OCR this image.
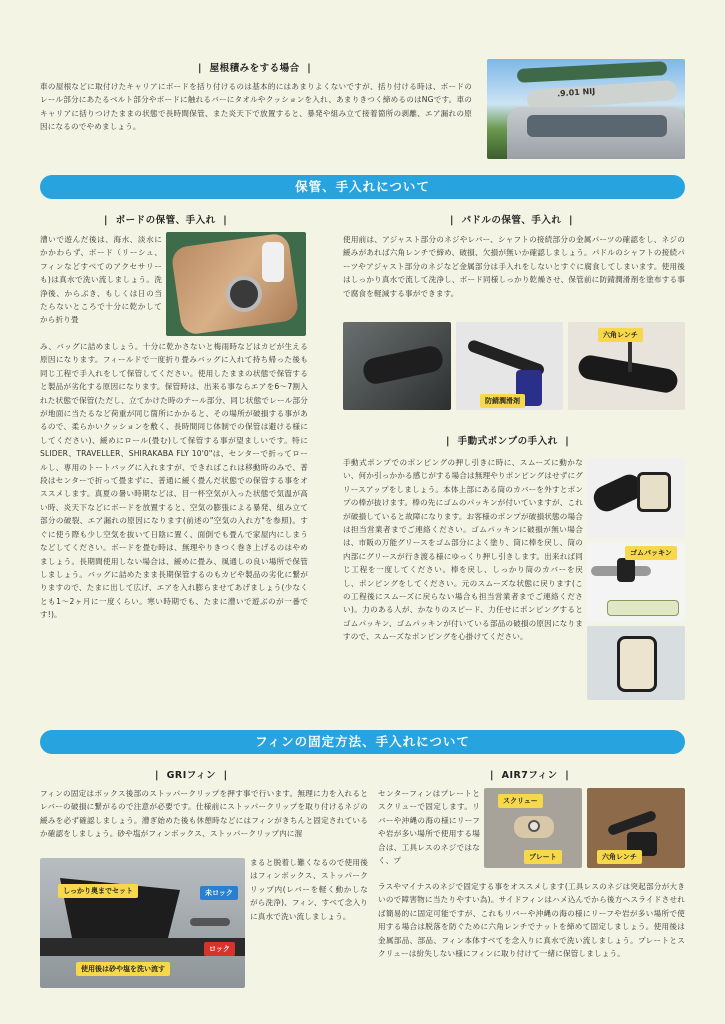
|  屋根積みをする場合  |
車の屋根などに取付けたキャリアにボードを括り付けるのは基本的にはあまりよくないですが、括り付ける時は、ボードのレール部分にあたるベルト部分やボードに触れるバーにタオルやクッションを入れ、あまりきつく締めるのはNGです。車のキャリアに括りつけたままの状態で長時間保管、また炎天下で放置すると、暴発や組み立て接着箇所の剥離、エア漏れの原因になるのでやめましょう。
.9.01 NIJ
保管、手入れについて
|  ボードの保管、手入れ  |
漕いで遊んだ後は、海水、淡水にかかわらず、ボード（リーシュ、フィンなどすべてのアクセサリー も)は真水で洗い流しましょう。洗浄後、からぶき、もしくは日の当たらないところで十分に乾かしてから折り畳
み、バッグに詰めましょう。十分に乾かさないと梅雨時などはカビが生える原因になります。フィールドで一度折り畳みバッグに入れて持ち帰った後も同じ工程で手入れをして保管してください。使用したままの状態で保管すると製品が劣化する原因になります。保管時は、出来る事ならエアを6〜7割入れた状態で保管(ただし、立てかけた時のテール部分、同じ状態でレール部分が地面に当たるなど荷重が同じ箇所にかかると、その場所が破損する事があるので、柔らかいクッションを敷く、長時間同じ体制での保管は避ける様にしてください)、緩めにロール(畳む)して保管する事が望ましいです。特にSLIDER、TRAVELLER、SHIRAKABA FLY 10'0"は、センターで折ってロールし、専用のトートバッグに入れますが、できればこれは移動時のみで、普段はセンターで折って畳まずに、普通に緩く畳んだ状態での保管する事をオススメします。真夏の暑い時期などは、目一杯空気が入った状態で気温が高い時、炎天下などにボードを放置すると、空気の膨張による暴発、組み立て部分の破裂、エア漏れの原因になります(前述の"空気の入れ方"を参照)。すぐに使う際も少し空気を抜いて日陰に置く、面倒でも畳んで家屋内にしまうなどしてください。ボードを畳む時は、無理やりきつく巻き上げるのはやめましょう。長期間使用しない場合は、緩めに畳み、風通しの良い場所で保管しましょう。バッグに詰めたまま長期保管するのもカビや製品の劣化に繋がりますので、たまに出して広げ、エアを入れ膨らませてあげましょう(少なくとも1〜2ヶ月に一度くらい。寒い時期でも、たまに漕いで遊ぶのが一番です!)。
|  パドルの保管、手入れ  |
使用前は、アジャスト部分のネジやレバー、シャフトの接続部分の金属パーツの確認をし、ネジの緩みがあれば六角レンチで締め、破損、欠損が無いか確認しましょう。パドルのシャフトの接続パーツやアジャスト部分のネジなど金属部分は手入れをしないとすぐに腐食してしまいます。使用後はしっかり真水で流して洗浄し、ボード同様しっかり乾燥させ、保管前に防錆潤滑剤を塗布する事で腐食を軽減する事ができます。
防錆潤滑剤
六角レンチ
|  手動式ポンプの手入れ  |
手動式ポンプでのポンピングの押し引きに時に、スムーズに動かない、何か引っかかる感じがする場合は無理やりポンピングはせずにグリースアップをしましょう。本体上部にある筒のカバーを外すとポンプの棒が抜けます。棒の先にゴムのパッキンが付いていますが、これが破損していると故障になります。お客様のポンプが破損状態の場合は担当営業者までご連絡ください。ゴムパッキンに破損が無い場合は、市販の万能グリースをゴム部分によく塗り、筒に棒を戻し、筒の内部にグリースが行き渡る様にゆっくり押し引きします。出来れば同じ工程を一度してください。棒を戻し、しっかり筒のカバーを戻し、ポンピングをしてください。元のスムーズな状態に戻ります(この工程後にスムーズに戻らない場合も担当営業者までご連絡ください)。力のある人が、かなりのスピード、力任せにポンピングするとゴムパッキン、ゴムパッキンが付いている部品の破損の原因になりますので、スムーズなポンピングを心掛けてください。
ゴムパッキン
フィンの固定方法、手入れについて
|  GRIフィン  |
フィンの固定はボックス後部のストッパークリップを押す事で行います。無理に力を入れるとレバーの破損に繋がるので注意が必要です。仕様前にストッパークリップを取り付けるネジの緩みを必ず確認しましょう。漕ぎ始めた後も休憩時などにはフィンがきちんと固定されているか確認をしましょう。砂や塩がフィンボックス、ストッパークリップ内に溜
まると脱着し難くなるので使用後はフィンボックス、ストッパークリップ内(レバーを軽く動かしながら洗浄)、フィン、すべて念入りに真水で洗い流しましょう。
しっかり奥までセット	未ロック
ロック
使用後は砂や塩を洗い流す
|  AIR7フィン  |
スクリュー
プレート	六角レンチ
センターフィンはプレートとスクリューで固定します。リバーや沖縄の海の様にリーフや岩が多い場所で使用する場合は、工具レスのネジではなく、プ
ラスやマイナスのネジで固定する事をオススメします(工具レスのネジは突起部分が大きいので障害物に当たりやすい為)。サイドフィンはハメ込んでから後方へスライドさせれば簡易的に固定可能ですが、これもリバーや沖縄の海の様にリーフや岩が多い場所で使用する場合は脱落を防ぐために六角レンチでナットを締めて固定しましょう。使用後は金属部品、部品、フィン本体すべてを念入りに真水で洗い流しましょう。プレートとスクリューは紛失しない様にフィンに取り付けて一緒に保管しましょう。
